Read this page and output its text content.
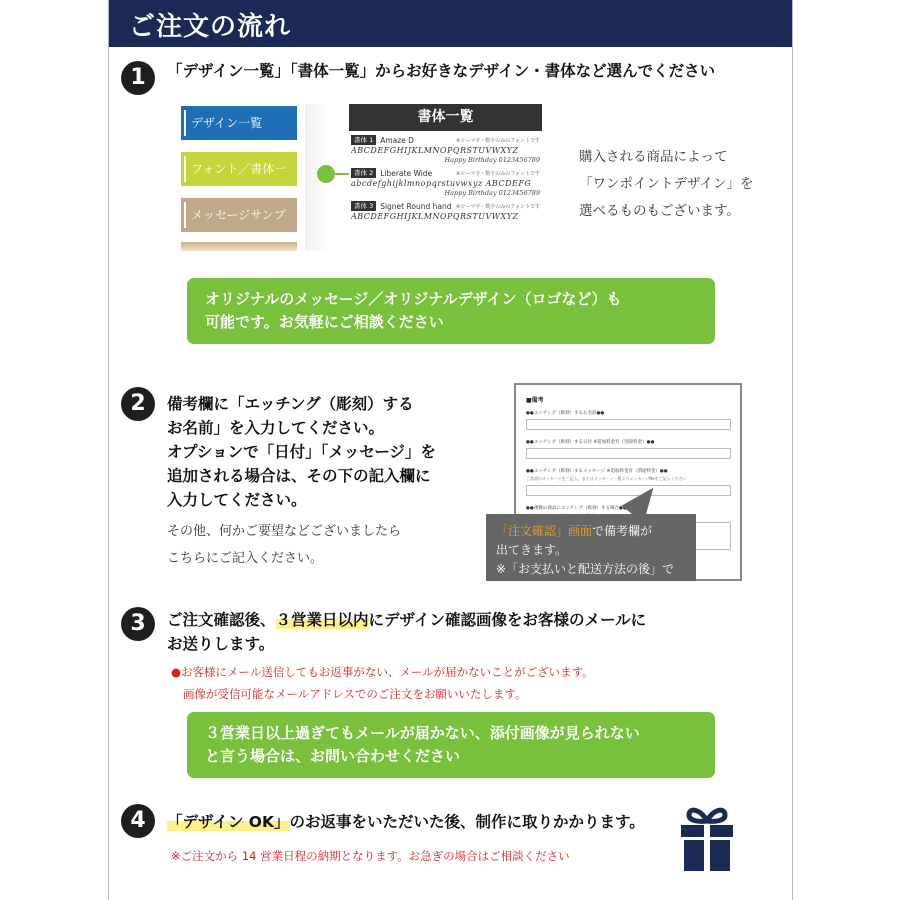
ご注文の流れ
1	「デザイン一覧」「書体一覧」からお好きなデザイン・書体など選んでください
デザイン一覧
フォント／書体一
メッセージサンプ
書体一覧
書体 1 Amaze D	※ローマ字・数字のみのフォントです
ABCDEFGHIJKLMNOPQRSTUVWXYZ
Happy Birthday 0123456789
書体 2 Liberate Wide	※ローマ字・数字のみのフォントです
abcdefghijklmnopqrstuvwxyz ABCDEFG
Happy Birthday 0123456789
書体 3 Signet Round hand ※ローマ字・数字のみのフォントです
ABCDEFGHIJKLMNOPQRSTUVWXYZ
購入される商品によって
「ワンポイントデザイン」を
選べるものもございます。
オリジナルのメッセージ／オリジナルデザイン（ロゴなど）も
可能です。お気軽にご相談ください
2	備考欄に「エッチング（彫刻）する
お名前」を入力してください。
オプションで「日付」「メッセージ」を
追加される場合は、その下の記入欄に
入力してください。
その他、何かご要望などございましたら
こちらにご記入ください。
■備考
●●エッチング（彫刻）するお名前●●
●●エッチング（彫刻）する日付 ※追加料金有（別途料金）●●
●●エッチング（彫刻）するメッセージ ※追加料金有（別途料金）●●
ご希望のメッセージをご記入。またはメッセージ一覧よりメッセージNoをご記入ください
●●複数の商品にエッチング（彫刻）する場合●●
「注文確認」画面で備考欄が
出てきます。
※「お支払いと配送方法の後」です
3	ご注文確認後、３営業日以内にデザイン確認画像をお客様のメールに
お送りします。
●お客様にメール送信してもお返事がない、メールが届かないことがございます。
画像が受信可能なメールアドレスでのご注文をお願いいたします。
３営業日以上過ぎてもメールが届かない、添付画像が見られない
と言う場合は、お問い合わせください
4	「デザイン OK」のお返事をいただいた後、制作に取りかかります。
※ご注文から 14 営業日程の納期となります。お急ぎの場合はご相談ください
